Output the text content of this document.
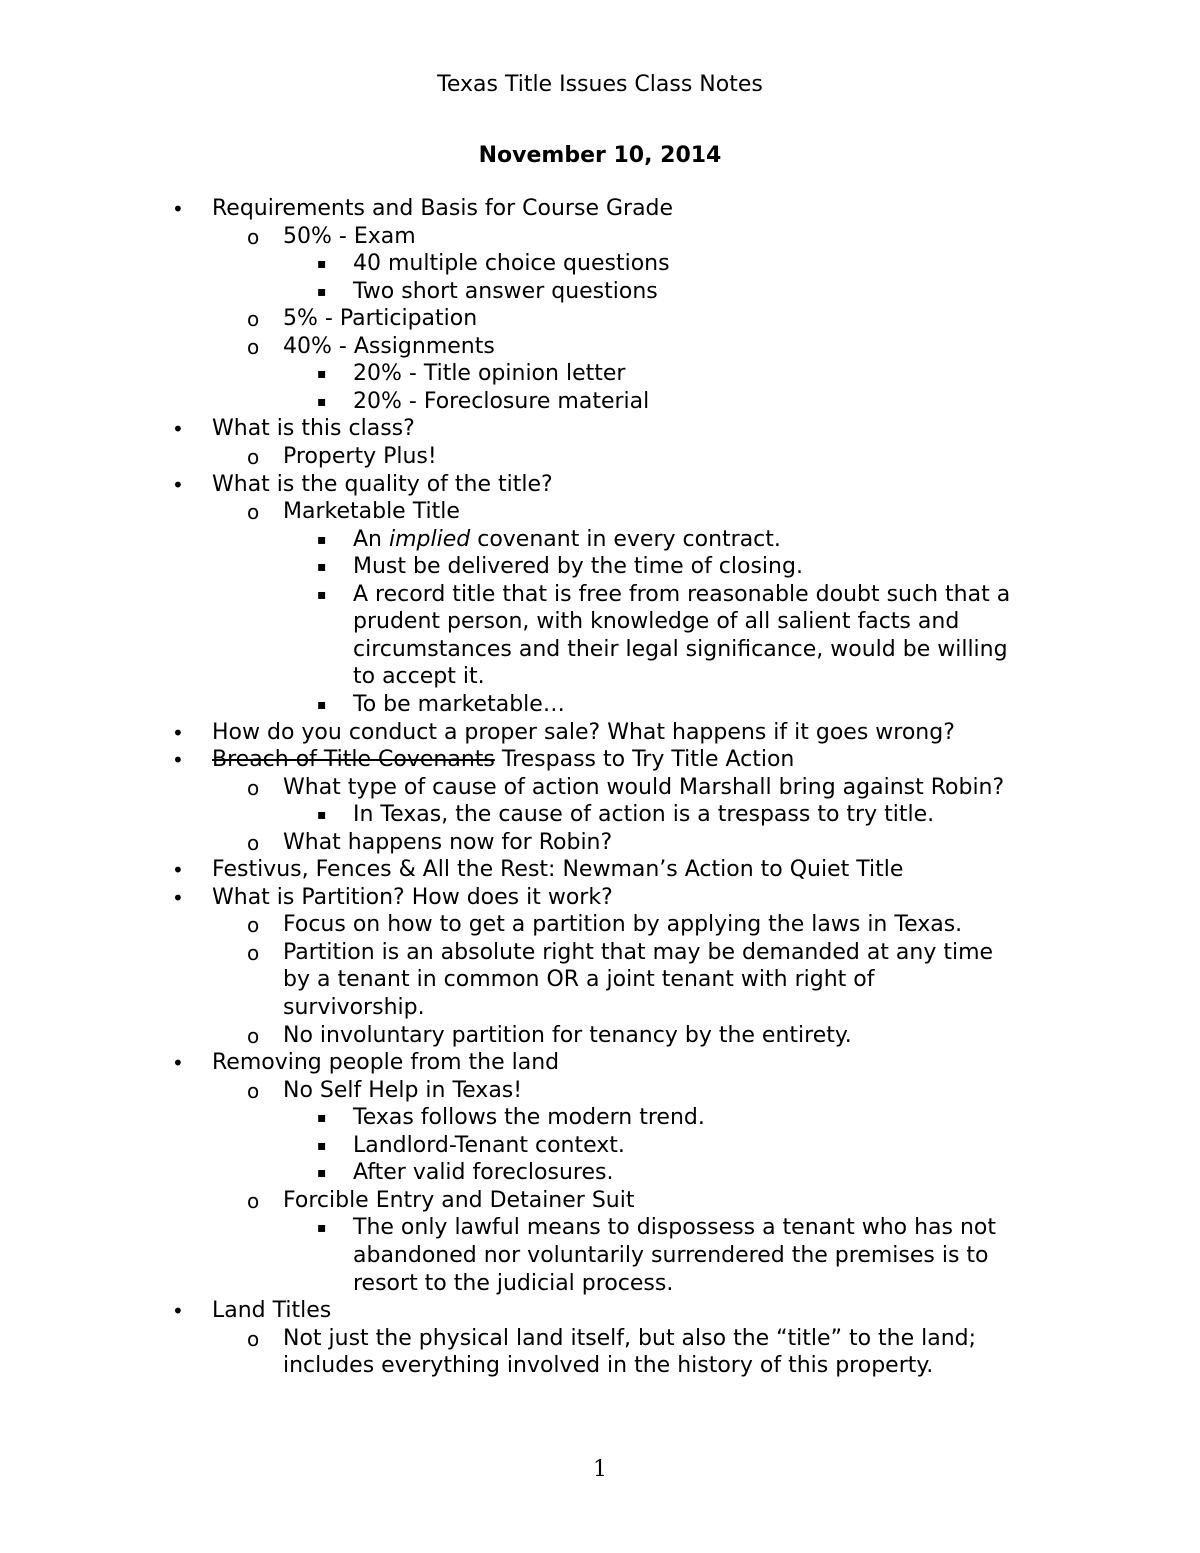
Texas Title Issues Class Notes
November 10, 2014
• Requirements and Basis for Course Grade
o 50% - Exam
▪ 40 multiple choice questions
▪ Two short answer questions
o 5% - Participation
o 40% - Assignments
▪ 20% - Title opinion letter
▪ 20% - Foreclosure material
• What is this class?
o Property Plus!
• What is the quality of the title?
o Marketable Title
▪ An implied covenant in every contract.
▪ Must be delivered by the time of closing.
▪ A record title that is free from reasonable doubt such that a
prudent person, with knowledge of all salient facts and
circumstances and their legal significance, would be willing
to accept it.
▪ To be marketable…
• How do you conduct a proper sale? What happens if it goes wrong?
• Breach of Title Covenants Trespass to Try Title Action
o What type of cause of action would Marshall bring against Robin?
▪ In Texas, the cause of action is a trespass to try title.
o What happens now for Robin?
• Festivus, Fences & All the Rest: Newman’s Action to Quiet Title
• What is Partition? How does it work?
o Focus on how to get a partition by applying the laws in Texas.
o Partition is an absolute right that may be demanded at any time
by a tenant in common OR a joint tenant with right of
survivorship.
o No involuntary partition for tenancy by the entirety.
• Removing people from the land
o No Self Help in Texas!
▪ Texas follows the modern trend.
▪ Landlord-Tenant context.
▪ After valid foreclosures.
o Forcible Entry and Detainer Suit
▪ The only lawful means to dispossess a tenant who has not
abandoned nor voluntarily surrendered the premises is to
resort to the judicial process.
• Land Titles
o Not just the physical land itself, but also the “title” to the land;
includes everything involved in the history of this property.
1
